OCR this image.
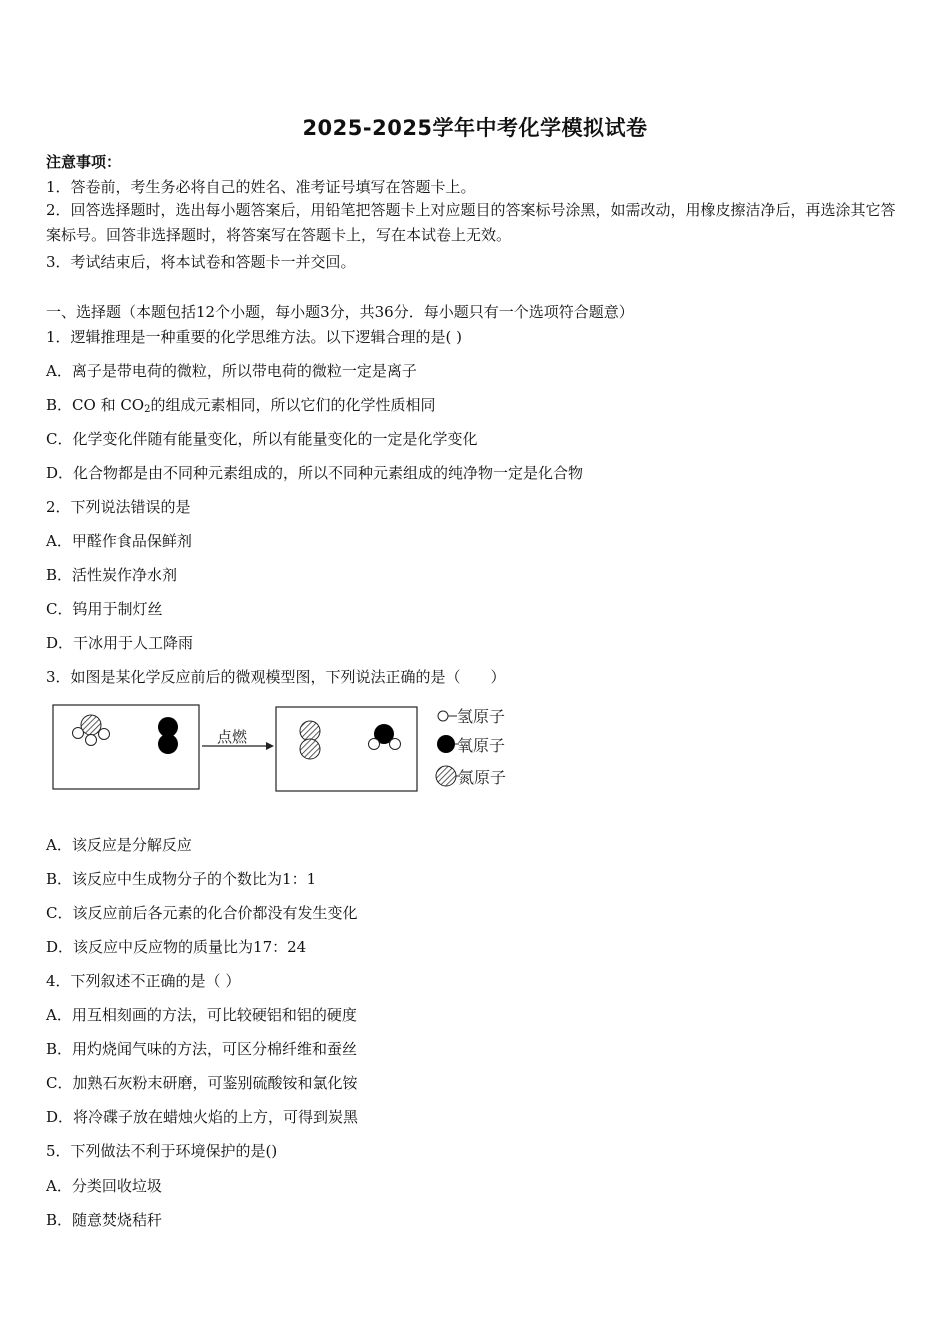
2025-2025学年中考化学模拟试卷
注意事项：
1．答卷前，考生务必将自己的姓名、准考证号填写在答题卡上。
2．回答选择题时，选出每小题答案后，用铅笔把答题卡上对应题目的答案标号涂黑，如需改动，用橡皮擦洁净后，再选涂其它答案标号。回答非选择题时，将答案写在答题卡上，写在本试卷上无效。
3．考试结束后，将本试卷和答题卡一并交回。
一、选择题（本题包括12个小题，每小题3分，共36分．每小题只有一个选项符合题意）
1．逻辑推理是一种重要的化学思维方法。以下逻辑合理的是( )
A．离子是带电荷的微粒，所以带电荷的微粒一定是离子
B．CO 和 $CO_2$的组成元素相同，所以它们的化学性质相同
C．化学变化伴随有能量变化，所以有能量变化的一定是化学变化
D．化合物都是由不同种元素组成的，所以不同种元素组成的纯净物一定是化合物
2．下列说法错误的是
A．甲醛作食品保鲜剂
B．活性炭作净水剂
C．钨用于制灯丝
D．干冰用于人工降雨
3．如图是某化学反应前后的微观模型图，下列说法正确的是（　　）
点燃
氢原子
氧原子
氮原子
A．该反应是分解反应
B．该反应中生成物分子的个数比为1：1
C．该反应前后各元素的化合价都没有发生变化
D．该反应中反应物的质量比为17：24
4．下列叙述不正确的是（ ）
A．用互相刻画的方法，可比较硬铝和铝的硬度
B．用灼烧闻气味的方法，可区分棉纤维和蚕丝
C．加熟石灰粉末研磨，可鉴别硫酸铵和氯化铵
D．将冷碟子放在蜡烛火焰的上方，可得到炭黑
5．下列做法不利于环境保护的是()
A．分类回收垃圾
B．随意焚烧秸秆
